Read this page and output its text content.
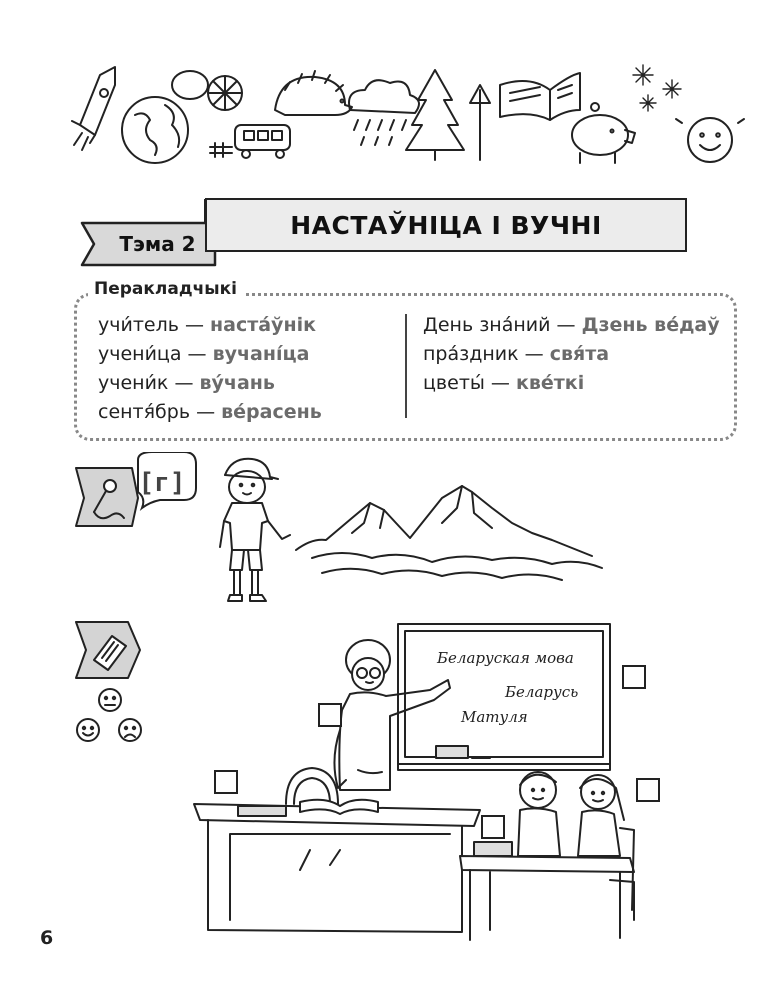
НАСТАЎНІЦА І ВУЧНІ
Тэма 2
Перакладчыкі
учи́тель — наста́ўнік
учени́ца — вучані́ца
учени́к — ву́чань
сентя́брь — ве́расень
День зна́ний — Дзень ве́даў
пра́здник — свя́та
цветы́ — кве́ткі
[г]
Беларуская мова
Беларусь
Матуля
6
